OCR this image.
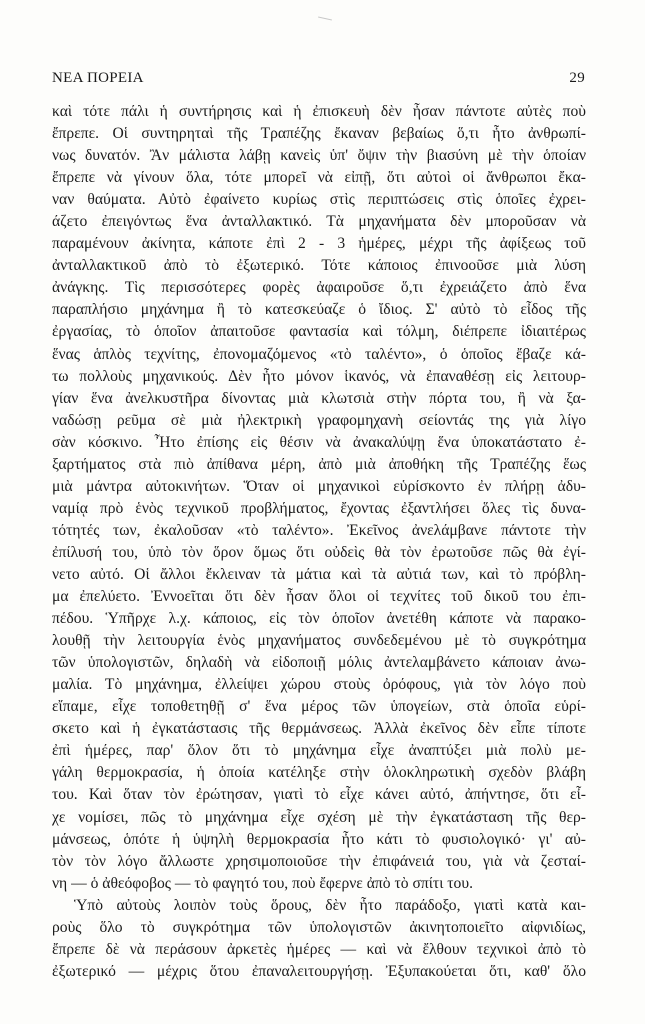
ΝΕΑ ΠΟΡΕΙΑ	29
καὶ τότε πάλι ἡ συντήρησις καὶ ἡ ἐπισκευὴ δὲν ἦσαν πάντοτε αὐτὲς ποὺ
ἔπρεπε. Οἱ συντηρηταὶ τῆς Τραπέζης ἔκαναν βεβαίως ὅ,τι ἦτο ἀνθρωπί-
νως δυνατόν. Ἂν μάλιστα λάβῃ κανεὶς ὑπ' ὄψιν τὴν βιασύνη μὲ τὴν ὁποίαν
ἔπρεπε νὰ γίνουν ὅλα, τότε μπορεῖ νὰ εἰπῇ, ὅτι αὐτοὶ οἱ ἄνθρωποι ἔκα-
ναν θαύματα. Αὐτὸ ἐφαίνετο κυρίως στὶς περιπτώσεις στὶς ὁποῖες ἐχρει-
άζετο ἐπειγόντως ἕνα ἀνταλλακτικό. Τὰ μηχανήματα δὲν μποροῦσαν νὰ
παραμένουν ἀκίνητα, κάποτε ἐπὶ 2 - 3 ἡμέρες, μέχρι τῆς ἀφίξεως τοῦ
ἀνταλλακτικοῦ ἀπὸ τὸ ἐξωτερικό. Τότε κάποιος ἐπινοοῦσε μιὰ λύση
ἀνάγκης. Τὶς περισσότερες φορὲς ἀφαιροῦσε ὅ,τι ἐχρειάζετο ἀπὸ ἕνα
παραπλήσιο μηχάνημα ἢ τὸ κατεσκεύαζε ὁ ἴδιος. Σ' αὐτὸ τὸ εἶδος τῆς
ἐργασίας, τὸ ὁποῖον ἀπαιτοῦσε φαντασία καὶ τόλμη, διέπρεπε ἰδιαιτέρως
ἕνας ἁπλὸς τεχνίτης, ἐπονομαζόμενος «τὸ ταλέντο», ὁ ὁποῖος ἔβαζε κά-
τω πολλοὺς μηχανικούς. Δὲν ἦτο μόνον ἱκανός, νὰ ἐπαναθέσῃ εἰς λειτουρ-
γίαν ἕνα ἀνελκυστῆρα δίνοντας μιὰ κλωτσιὰ στὴν πόρτα του, ἢ νὰ ξα-
ναδώσῃ ρεῦμα σὲ μιὰ ἠλεκτρικὴ γραφομηχανὴ σείοντάς της γιὰ λίγο
σὰν κόσκινο. Ἦτο ἐπίσης εἰς θέσιν νὰ ἀνακαλύψῃ ἕνα ὑποκατάστατο ἐ-
ξαρτήματος στὰ πιὸ ἀπίθανα μέρη, ἀπὸ μιὰ ἀποθήκη τῆς Τραπέζης ἕως
μιὰ μάντρα αὐτοκινήτων. Ὅταν οἱ μηχανικοὶ εὑρίσκοντο ἐν πλήρῃ ἀδυ-
ναμίᾳ πρὸ ἑνὸς τεχνικοῦ προβλήματος, ἔχοντας ἐξαντλήσει ὅλες τὶς δυνα-
τότητές των, ἐκαλοῦσαν «τὸ ταλέντο». Ἐκεῖνος ἀνελάμβανε πάντοτε τὴν
ἐπίλυσή του, ὑπὸ τὸν ὅρον ὅμως ὅτι οὐδεὶς θὰ τὸν ἐρωτοῦσε πῶς θὰ ἐγί-
νετο αὐτό. Οἱ ἄλλοι ἔκλειναν τὰ μάτια καὶ τὰ αὐτιά των, καὶ τὸ πρόβλη-
μα ἐπελύετο. Ἐννοεῖται ὅτι δὲν ἦσαν ὅλοι οἱ τεχνίτες τοῦ δικοῦ του ἐπι-
πέδου. Ὑπῆρχε λ.χ. κάποιος, εἰς τὸν ὁποῖον ἀνετέθη κάποτε νὰ παρακο-
λουθῇ τὴν λειτουργία ἑνὸς μηχανήματος συνδεδεμένου μὲ τὸ συγκρότημα
τῶν ὑπολογιστῶν, δηλαδὴ νὰ εἰδοποιῇ μόλις ἀντελαμβάνετο κάποιαν ἀνω-
μαλία. Τὸ μηχάνημα, ἐλλείψει χώρου στοὺς ὀρόφους, γιὰ τὸν λόγο ποὺ
εἴπαμε, εἶχε τοποθετηθῇ σ' ἕνα μέρος τῶν ὑπογείων, στὰ ὁποῖα εὑρί-
σκετο καὶ ἡ ἐγκατάστασις τῆς θερμάνσεως. Ἀλλὰ ἐκεῖνος δὲν εἶπε τίποτε
ἐπὶ ἡμέρες, παρ' ὅλον ὅτι τὸ μηχάνημα εἶχε ἀναπτύξει μιὰ πολὺ με-
γάλη θερμοκρασία, ἡ ὁποία κατέληξε στὴν ὁλοκληρωτικὴ σχεδὸν βλάβη
του. Καὶ ὅταν τὸν ἐρώτησαν, γιατὶ τὸ εἶχε κάνει αὐτό, ἀπήντησε, ὅτι εἶ-
χε νομίσει, πῶς τὸ μηχάνημα εἶχε σχέση μὲ τὴν ἐγκατάσταση τῆς θερ-
μάνσεως, ὁπότε ἡ ὑψηλὴ θερμοκρασία ἦτο κάτι τὸ φυσιολογικό· γι' αὐ-
τὸν τὸν λόγο ἄλλωστε χρησιμοποιοῦσε τὴν ἐπιφάνειά του, γιὰ νὰ ζεσταί-
νη — ὁ ἀθεόφοβος — τὸ φαγητό του, ποὺ ἔφερνε ἀπὸ τὸ σπίτι του.
Ὑπὸ αὐτοὺς λοιπὸν τοὺς ὅρους, δὲν ἦτο παράδοξο, γιατὶ κατὰ και-
ροὺς ὅλο τὸ συγκρότημα τῶν ὑπολογιστῶν ἀκινητοποιεῖτο αἰφνιδίως,
ἔπρεπε δὲ νὰ περάσουν ἀρκετὲς ἡμέρες — καὶ νὰ ἔλθουν τεχνικοὶ ἀπὸ τὸ
ἐξωτερικό — μέχρις ὅτου ἐπαναλειτουργήσῃ. Ἐξυπακούεται ὅτι, καθ' ὅλο
